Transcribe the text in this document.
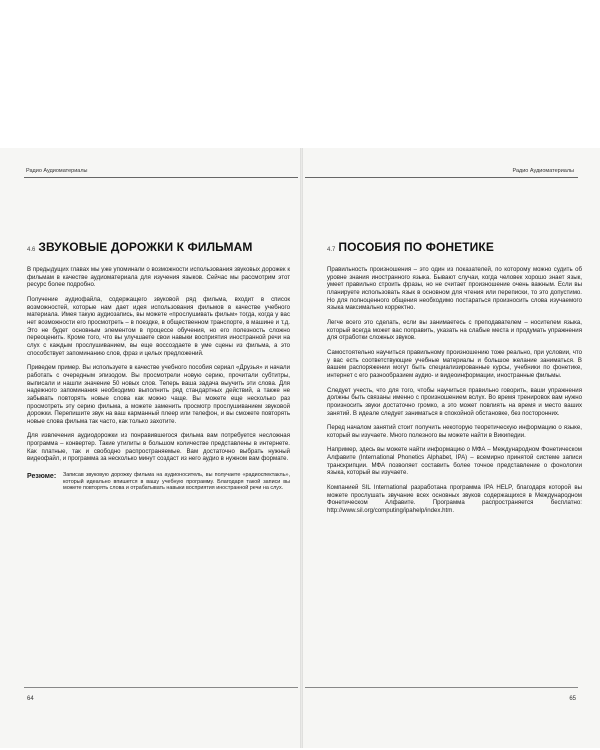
Радио Аудиоматериалы
4.6 ЗВУКОВЫЕ ДОРОЖКИ К ФИЛЬМАМ

В предыдущих главах мы уже упоминали о возможности использования звуковых дорожек к фильмам в качестве аудиоматериала для изучения языков. Сейчас мы рассмотрим этот ресурс более подробно.

Получение аудиофайла, содержащего звуковой ряд фильма, входит в список возможностей, которые нам дает идея использования фильмов в качестве учебного материала. Имея такую аудиозапись, вы можете «прослушивать фильм» тогда, когда у вас нет возможности его просмотреть – в поездке, в общественном транспорте, в машине и т.д. Это не будет основным элементом в процессе обучения, но его полезность сложно переоценить. Кроме того, что вы улучшаете свои навыки восприятия иностранной речи на слух с каждым прослушиванием, вы еще воссоздаете в уме сцены из фильма, а это способствует запоминанию слов, фраз и целых предложений.

Приведем пример. Вы используете в качестве учебного пособия сериал «Друзья» и начали работать с очередным эпизодом. Вы просмотрели новую серию, прочитали субтитры, выписали и нашли значение 50 новых слов. Теперь ваша задача выучить эти слова. Для надежного запоминания необходимо выполнить ряд стандартных действий, а также не забывать повторять новые слова как можно чаще. Вы можете еще несколько раз просмотреть эту серию фильма, а можете заменить просмотр прослушиванием звуковой дорожки. Перепишите звук на ваш карманный плеер или телефон, и вы сможете повторять новые слова фильма так часто, как только захотите.

Для извлечения аудиодорожки из понравившегося фильма вам потребуется несложная программа – конвертер. Такие утилиты в большом количестве представлены в интернете. Как платные, так и свободно распространяемые. Вам достаточно выбрать нужный видеофайл, и программа за несколько минут создаст из него аудио в нужном вам формате.

Резюме:	Записав звуковую дорожку фильма на аудионоситель, вы получаете «радиоспектакль», который идеально впишется в вашу учебную программу. Благодаря такой записи вы можете повторять слова и отрабатывать навыки восприятия иностранной речи на слух.
64
Радио Аудиоматериалы
4.7 ПОСОБИЯ ПО ФОНЕТИКЕ

Правильность произношения – это один из показателей, по которому можно судить об уровне знания иностранного языка. Бывают случаи, когда человек хорошо знает язык, умеет правильно строить фразы, но не считает произношение очень важным. Если вы планируете использовать язык в основном для чтения или переписки, то это допустимо. Но для полноценного общения необходимо постараться произносить слова изучаемого языка максимально корректно.

Легче всего это сделать, если вы занимаетесь с преподавателем – носителем языка, который всегда может вас поправить, указать на слабые места и продумать упражнения для отработки сложных звуков.

Самостоятельно научиться правильному произношению тоже реально, при условии, что у вас есть соответствующие учебные материалы и большое желание заниматься. В вашем распоряжении могут быть специализированные курсы, учебники по фонетике, интернет с его разнообразием аудио- и видеоинформации, иностранные фильмы.

Следует учесть, что для того, чтобы научиться правильно говорить, ваши упражнения должны быть связаны именно с произношением вслух. Во время тренировок вам нужно произносить звуки достаточно громко, а это может повлиять на время и место ваших занятий. В идеале следует заниматься в спокойной обстановке, без посторонних.

Перед началом занятий стоит получить некоторую теоретическую информацию о языке, который вы изучаете. Много полезного вы можете найти в Википедии.

Например, здесь вы можете найти информацию о МФА – Международном Фонетическом Алфавите (International Phonetics Alphabet, IPA) – всемирно принятой системе записи транскрипции. МФА позволяет составить более точное представление о фонологии языка, который вы изучаете.

Компанией SIL International разработана программа IPA HELP, благодаря которой вы можете прослушать звучание всех основных звуков содержащихся в Международном Фонетическом Алфавите. Программа распространяется бесплатно: http://www.sil.org/computing/ipahelp/index.htm.

65
